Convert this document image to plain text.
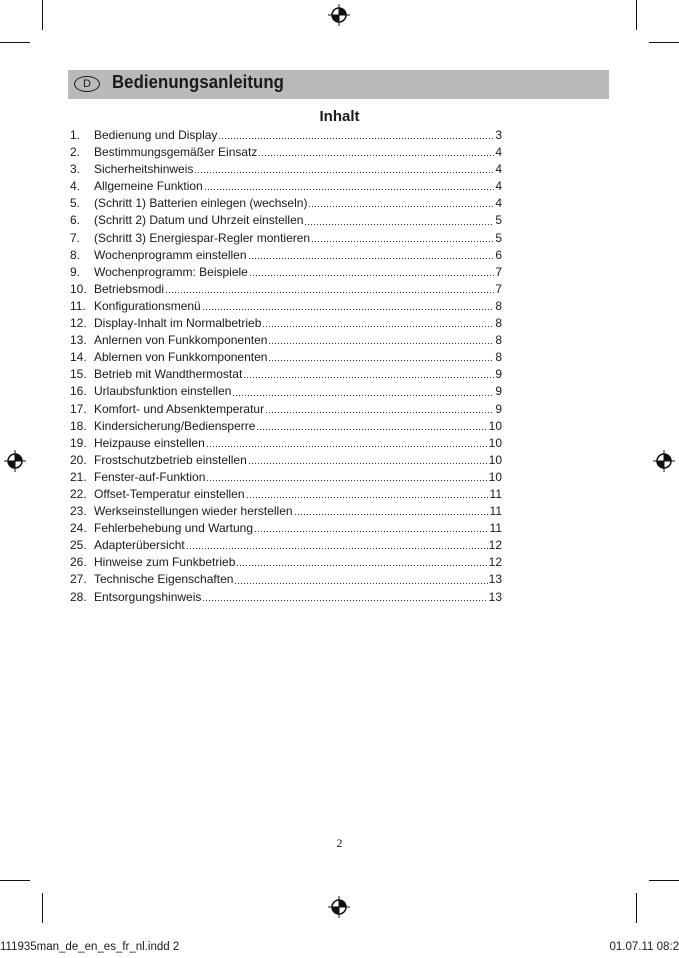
D	Bedienungsanleitung
Inhalt
1.	Bedienung und Display	3
2.	Bestimmungsgemäßer Einsatz	4
3.	Sicherheitshinweis	4
4.	Allgemeine Funktion	4
5.	(Schritt 1) Batterien einlegen (wechseln)	4
6.	(Schritt 2) Datum und Uhrzeit einstellen	5
7.	(Schritt 3) Energiespar-Regler montieren	5
8.	Wochenprogramm einstellen	6
9.	Wochenprogramm: Beispiele	7
10. Betriebsmodi	7
11. Konfigurationsmenü	8
12. Display-Inhalt im Normalbetrieb	8
13. Anlernen von Funkkomponenten	8
14. Ablernen von Funkkomponenten	8
15. Betrieb mit Wandthermostat	9
16. Urlaubsfunktion einstellen	9
17. Komfort- und Absenktemperatur	9
18. Kindersicherung/Bediensperre	10
19. Heizpause einstellen	10
20. Frostschutzbetrieb einstellen	10
21. Fenster-auf-Funktion	10
22. Offset-Temperatur einstellen	11
23. Werkseinstellungen wieder herstellen	11
24. Fehlerbehebung und Wartung	11
25. Adapterübersicht	12
26. Hinweise zum Funkbetrieb	12
27. Technische Eigenschaften	13
28. Entsorgungshinweis	13
2
111935man_de_en_es_fr_nl.indd 2	01.07.11 08:2
